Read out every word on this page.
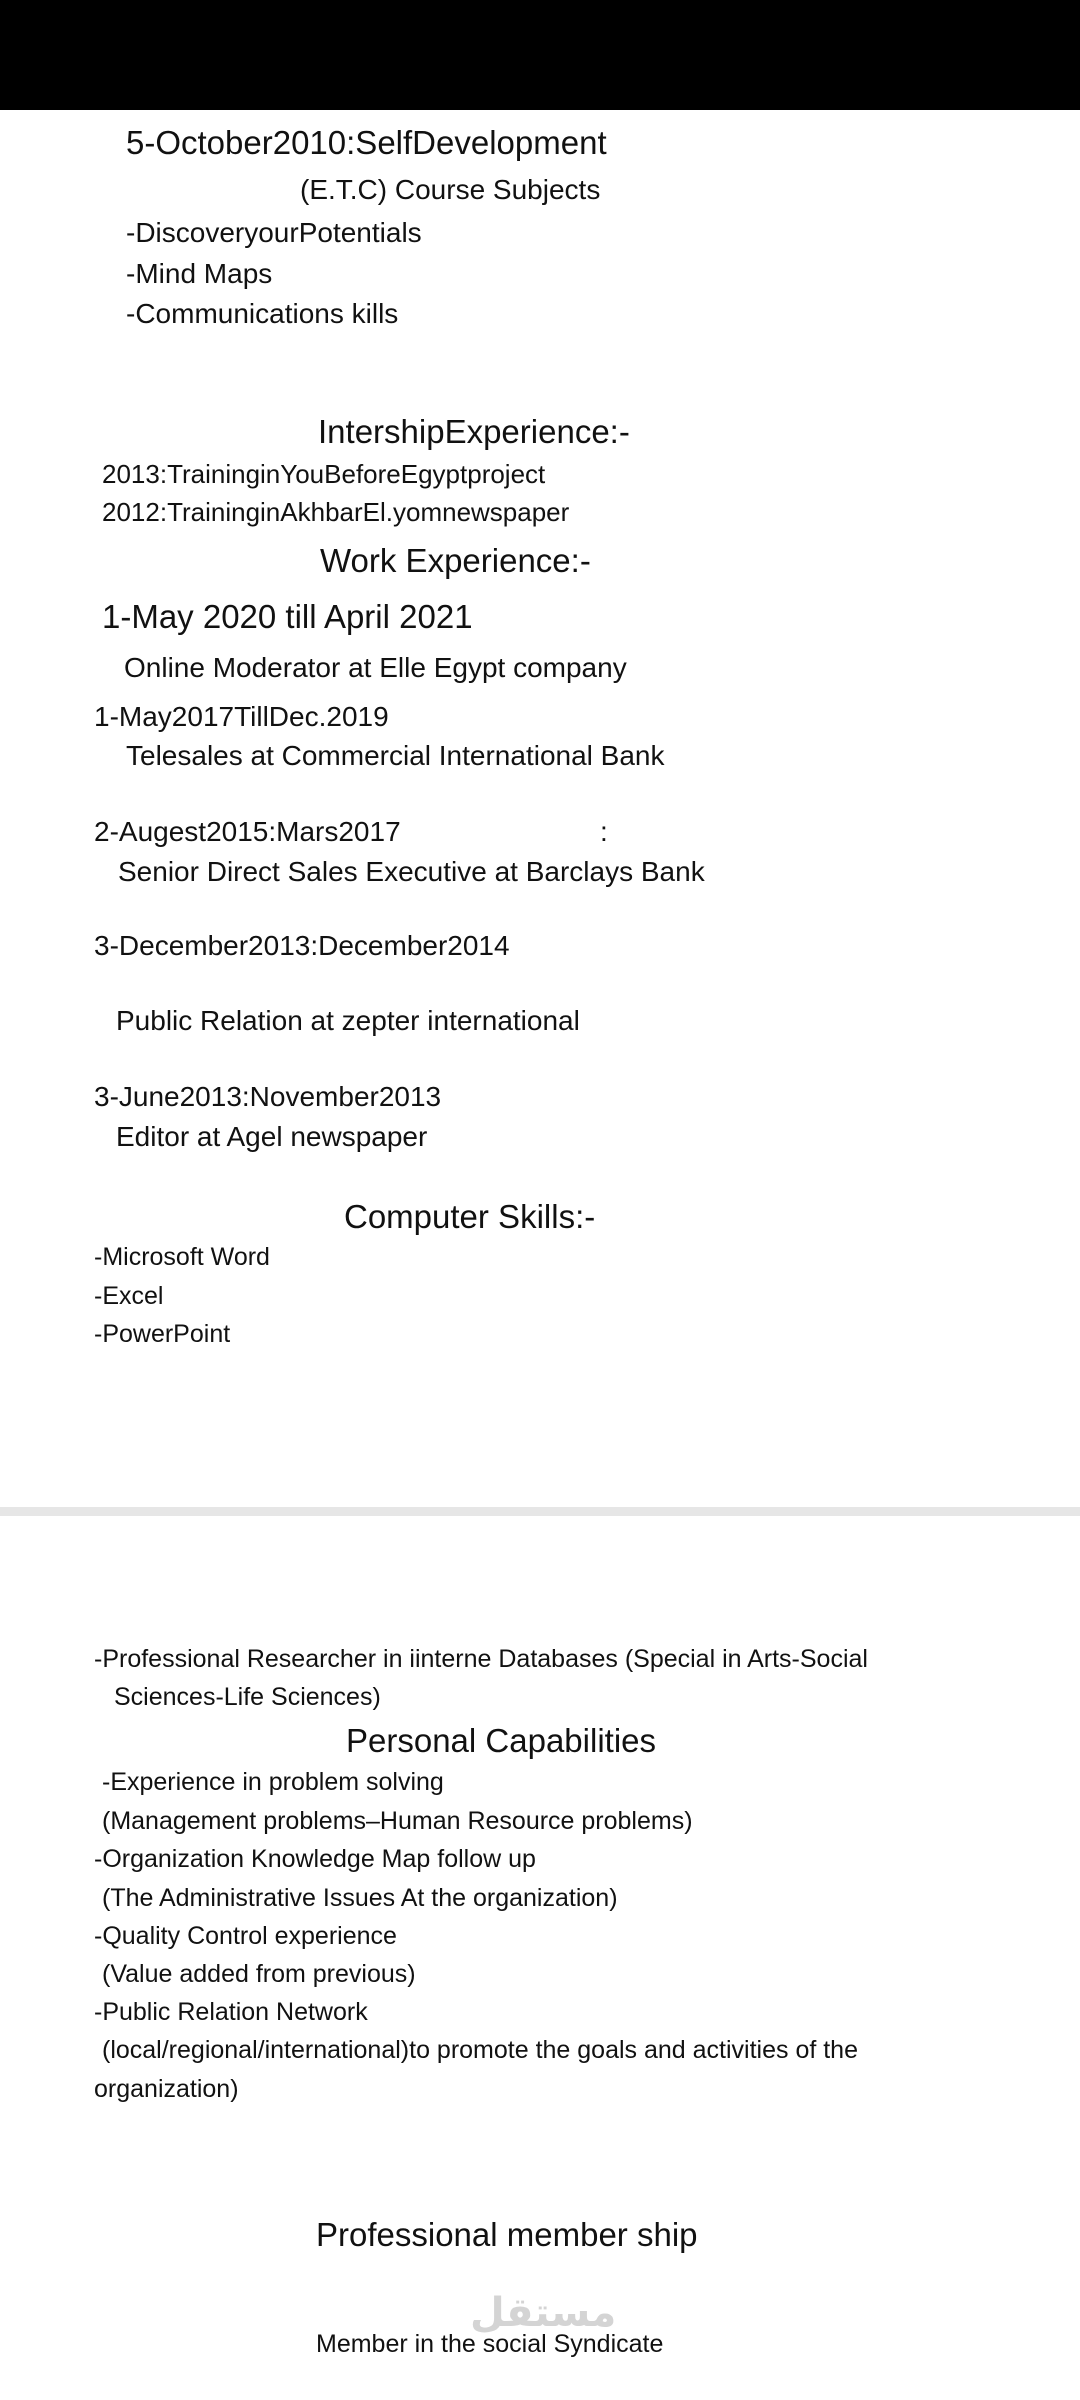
5-October2010:SelfDevelopment
(E.T.C) Course Subjects
-DiscoveryourPotentials
-Mind Maps
-Communications kills
IntershipExperience:-
2013:TraininginYouBeforeEgyptproject
2012:TraininginAkhbarEl.yomnewspaper
Work Experience:-
1-May 2020 till April 2021
Online Moderator at Elle Egypt company
1-May2017TillDec.2019
Telesales at Commercial International Bank
2-Augest2015:Mars2017	:
Senior Direct Sales Executive at Barclays Bank
3-December2013:December2014
Public Relation at zepter international
3-June2013:November2013
Editor at Agel newspaper
Computer Skills:-
-Microsoft Word
-Excel
-PowerPoint
-Professional Researcher in iinterne Databases (Special in Arts-Social
Sciences-Life Sciences)
Personal Capabilities
-Experience in problem solving
(Management problems–Human Resource problems)
-Organization Knowledge Map follow up
(The Administrative Issues At the organization)
-Quality Control experience
(Value added from previous)
-Public Relation Network
(local/regional/international)to promote the goals and activities of the
organization)
Professional member ship
Member in the social Syndicate
مستقل
